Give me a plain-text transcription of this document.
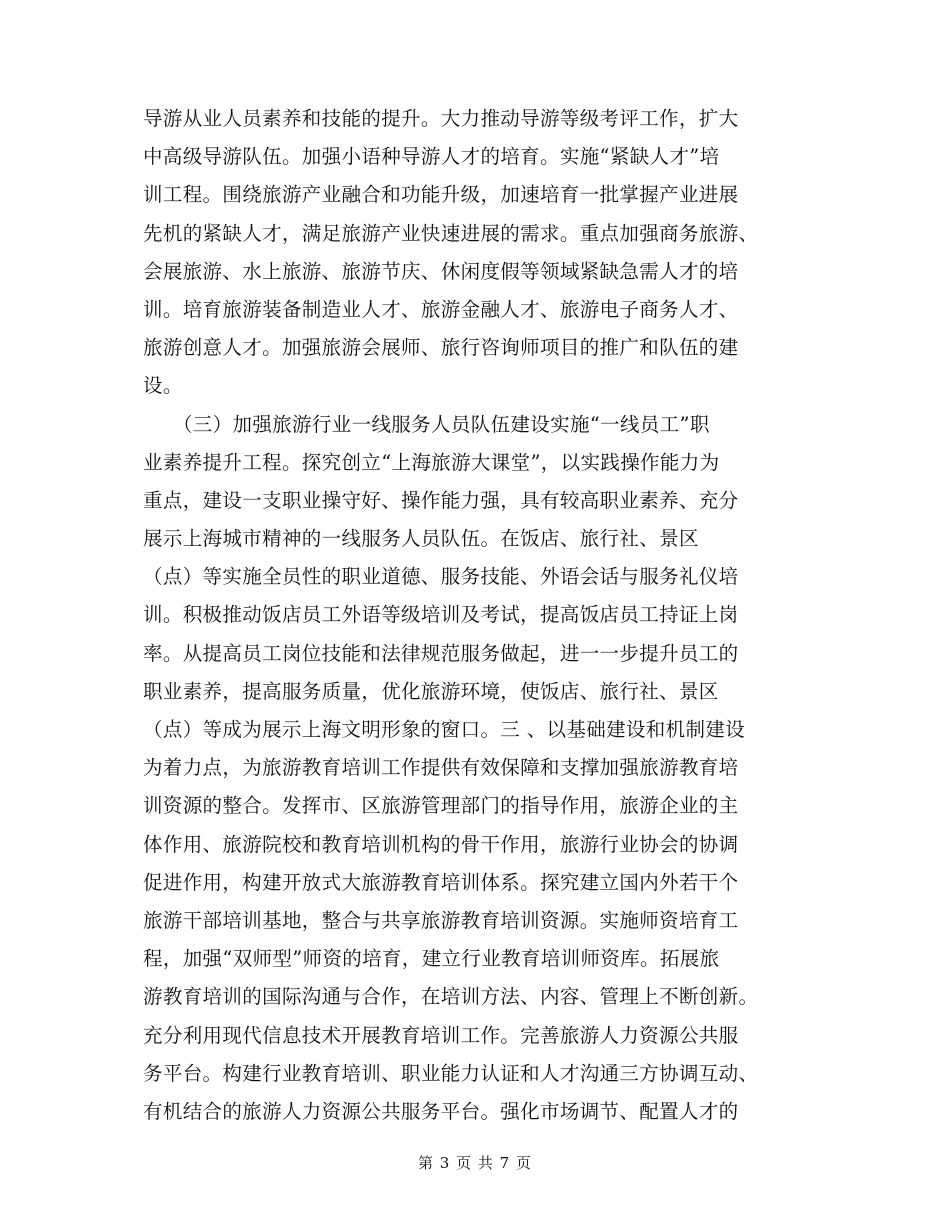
导游从业人员素养和技能的提升。大力推动导游等级考评工作，扩大
中高级导游队伍。加强小语种导游人才的培育。实施“紧缺人才”培
训工程。围绕旅游产业融合和功能升级，加速培育一批掌握产业进展
先机的紧缺人才，满足旅游产业快速进展的需求。重点加强商务旅游、
会展旅游、水上旅游、旅游节庆、休闲度假等领域紧缺急需人才的培
训。培育旅游装备制造业人才、旅游金融人才、旅游电子商务人才、
旅游创意人才。加强旅游会展师、旅行咨询师项目的推广和队伍的建
设。
　　（三）加强旅游行业一线服务人员队伍建设实施“一线员工”职
业素养提升工程。探究创立“上海旅游大课堂”，以实践操作能力为
重点，建设一支职业操守好、操作能力强，具有较高职业素养、充分
展示上海城市精神的一线服务人员队伍。在饭店、旅行社、景区
（点）等实施全员性的职业道德、服务技能、外语会话与服务礼仪培
训。积极推动饭店员工外语等级培训及考试，提高饭店员工持证上岗
率。从提高员工岗位技能和法律规范服务做起，进一一步提升员工的
职业素养，提高服务质量，优化旅游环境，使饭店、旅行社、景区
（点）等成为展示上海文明形象的窗口。三 、以基础建设和机制建设
为着力点，为旅游教育培训工作提供有效保障和支撑加强旅游教育培
训资源的整合。发挥市、区旅游管理部门的指导作用，旅游企业的主
体作用、旅游院校和教育培训机构的骨干作用，旅游行业协会的协调
促进作用，构建开放式大旅游教育培训体系。探究建立国内外若干个
旅游干部培训基地，整合与共享旅游教育培训资源。实施师资培育工
程，加强“双师型”师资的培育，建立行业教育培训师资库。拓展旅
游教育培训的国际沟通与合作，在培训方法、内容、管理上不断创新。
充分利用现代信息技术开展教育培训工作。完善旅游人力资源公共服
务平台。构建行业教育培训、职业能力认证和人才沟通三方协调互动、
有机结合的旅游人力资源公共服务平台。强化市场调节、配置人才的
第 3 页 共 7 页
